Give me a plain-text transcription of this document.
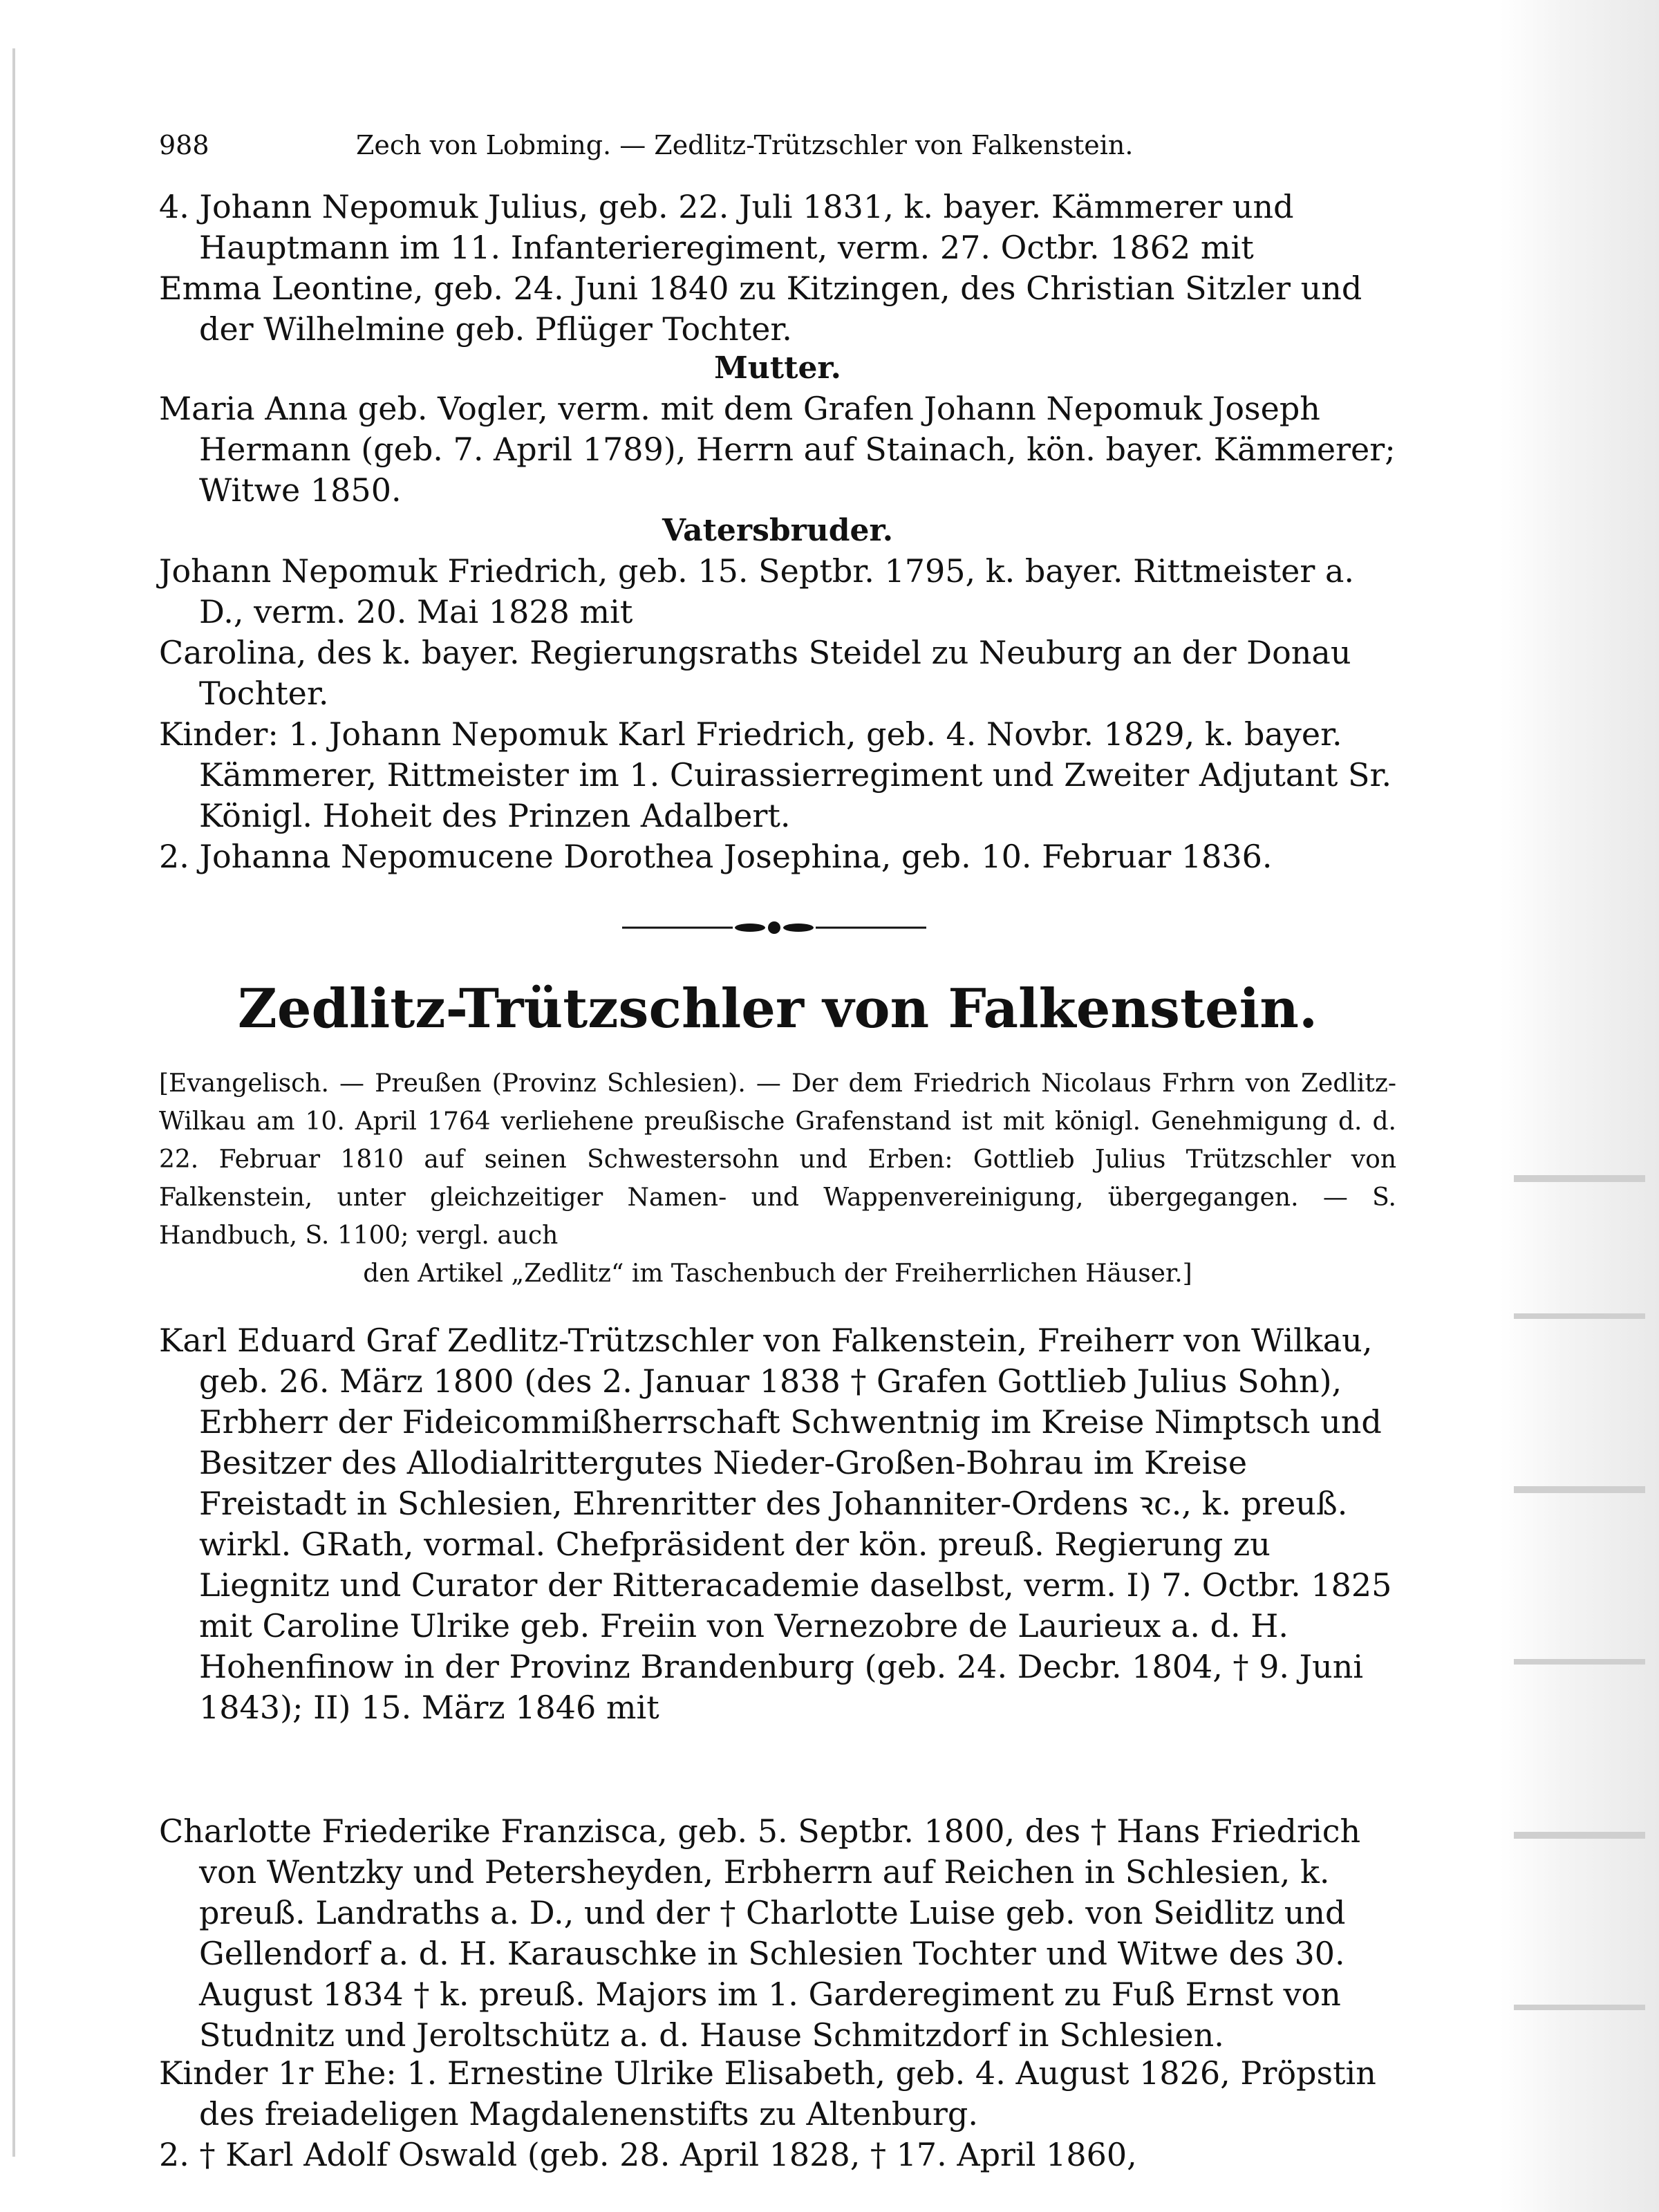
988	Zech von Lobming. — Zedlitz-Trützschler von Falkenstein.
4. Johann Nepomuk Julius, geb. 22. Juli 1831, k. bayer. Kämmerer und Hauptmann im 11. Infanterieregiment, verm. 27. Octbr. 1862 mit
Emma Leontine, geb. 24. Juni 1840 zu Kitzingen, des Christian Sitzler und der Wilhelmine geb. Pflüger Tochter.
Mutter.
Maria Anna geb. Vogler, verm. mit dem Grafen Johann Nepomuk Joseph Hermann (geb. 7. April 1789), Herrn auf Stainach, kön. bayer. Kämmerer; Witwe 1850.
Vatersbruder.
Johann Nepomuk Friedrich, geb. 15. Septbr. 1795, k. bayer. Rittmeister a. D., verm. 20. Mai 1828 mit
Carolina, des k. bayer. Regierungsraths Steidel zu Neuburg an der Donau Tochter.
Kinder: 1. Johann Nepomuk Karl Friedrich, geb. 4. Novbr. 1829, k. bayer. Kämmerer, Rittmeister im 1. Cuirassierregiment und Zweiter Adjutant Sr. Königl. Hoheit des Prinzen Adalbert.
2. Johanna Nepomucene Dorothea Josephina, geb. 10. Februar 1836.
Zedlitz-Trützschler von Falkenstein.
[Evangelisch. — Preußen (Provinz Schlesien). — Der dem Friedrich Nicolaus Frhrn von Zedlitz-Wilkau am 10. April 1764 verliehene preußische Grafenstand ist mit königl. Genehmigung d. d. 22. Februar 1810 auf seinen Schwestersohn und Erben: Gottlieb Julius Trützschler von Falkenstein, unter gleichzeitiger Namen- und Wappenvereinigung, übergegangen. — S. Handbuch, S. 1100; vergl. auch
den Artikel „Zedlitz“ im Taschenbuch der Freiherrlichen Häuser.]
Karl Eduard Graf Zedlitz-Trützschler von Falkenstein, Freiherr von Wilkau, geb. 26. März 1800 (des 2. Januar 1838 † Grafen Gottlieb Julius Sohn), Erbherr der Fideicommißherrschaft Schwentnig im Kreise Nimptsch und Besitzer des Allodialrittergutes Nieder-Großen-Bohrau im Kreise Freistadt in Schlesien, Ehrenritter des Johanniter-Ordens ꝛc., k. preuß. wirkl. GRath, vormal. Chefpräsident der kön. preuß. Regierung zu Liegnitz und Curator der Ritteracademie daselbst, verm. I) 7. Octbr. 1825 mit Caroline Ulrike geb. Freiin von Vernezobre de Laurieux a. d. H. Hohenfinow in der Provinz Brandenburg (geb. 24. Decbr. 1804, † 9. Juni 1843); II) 15. März 1846 mit
Charlotte Friederike Franzisca, geb. 5. Septbr. 1800, des † Hans Friedrich von Wentzky und Petersheyden, Erbherrn auf Reichen in Schlesien, k. preuß. Landraths a. D., und der † Charlotte Luise geb. von Seidlitz und Gellendorf a. d. H. Karauschke in Schlesien Tochter und Witwe des 30. August 1834 † k. preuß. Majors im 1. Garderegiment zu Fuß Ernst von Studnitz und Jeroltschütz a. d. Hause Schmitzdorf in Schlesien.
Kinder 1r Ehe: 1. Ernestine Ulrike Elisabeth, geb. 4. August 1826, Pröpstin des freiadeligen Magdalenenstifts zu Altenburg.
2. † Karl Adolf Oswald (geb. 28. April 1828, † 17. April 1860,
